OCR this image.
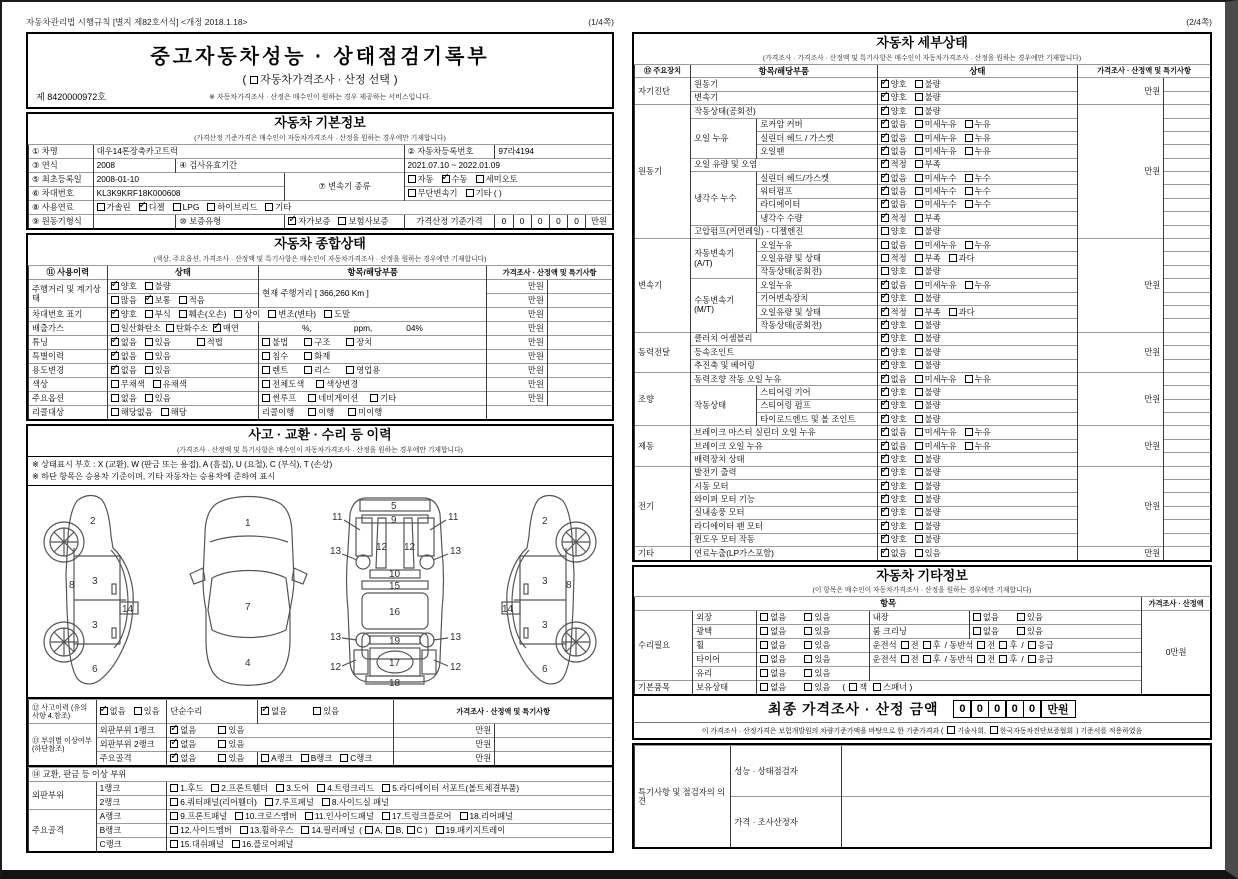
자동차관리법 시행규칙 [별지 제82호서식] <개정 2018.1.18>	(1/4쪽)
중고자동차성능 · 상태점검기록부
(자동차가격조사 · 산정 선택)
제 8420000972호	※ 자동차가격조사 · 산정은 매수인이 원하는 경우 제공하는 서비스입니다.
자동차 기본정보
(가격산정 기준가격은 매수인이 자동차가격조사 · 산정을 원하는 경우에만 기재합니다)
① 차명	대우14톤장축카고트럭			② 자동차등록번호	97라4194					
③ 연식	2008	④ 검사유효기간		2021.07.10 ~ 2022.01.09						
⑤ 최초등록일	2008-01-10		⑦ 변속기 종류	자동 ✓ 수동 세미오토
⑥ 차대번호	KL3K9KRF18K000608			무단변속기 기타 ( )						
⑧ 사용연료	가솔린 ✓ 디젤 LPG 하이브리드 기타
⑨ 원동기형식		⑩ 보증유형	✓자가보증 보험사보증	가격산정 기준가격	0	0	0	0	0	만원
자동차 종합상태
(색상, 주요옵션, 가격조사 · 산정액 및 특기사항은 매수인이 자동차가격조사 · 산정을 원하는 경우에만 기재합니다)
⑪ 사용이력	상태	항목/해당부품	가격조사 · 산정액 및 특기사항	
주행거리 및 계기상태	✓양호 불량	현재 주행거리 [ 366,260 Km ]	만원	
	많음 ✓ 보통 적음		만원	
차대번호 표기	✓양호 부식 훼손(오손) 상이 변조(변타) 도말		만원	
배출가스	일산화탄소 탄화수소 ✓ 매연	%, ppm, 04%	만원	
튜닝	✓없음 있음 적법	불법 구조 장치	만원	
특별이력	✓없음 있음	침수 화재	만원	
용도변경	✓없음 있음	렌트 리스 영업용	만원	
색상	무채색 유채색	전체도색 색상변경	만원	
주요옵션	없음 있음	썬루프 네비게이션 기타	만원	
리콜대상	해당없음 해당	리콜이행 이행 미이행		
사고 · 교환 · 수리 등 이력
(가격조사 · 산정액 및 특기사항은 매수인이 자동차가격조사 · 산정을 원하는 경우에만 기재합니다)
※ 상태표시 부호 : X (교환), W (판금 또는 용접), A (흠집), U (요철), C (부식), T (손상)
※ 하단 항목은 승용차 기준이며, 기타 자동차는 승용차에 준하여 표시
2
8 3
14
3
6
1
7
4
5
9
11	11
13	13
12 12
10
15
16
19
13	13
17
12	12
18
2
3 8
14
3
6
⑫ 사고이력 (유의사항 4.참조)	✓없음 있음	단순수리	✓없음 있음	가격조사 · 산정액 및 특기사항	
⑬ 부위별 이상여부 (하단참조)	외판부위 1랭크	✓없음 있음		만원	
	외판부위 2랭크	✓없음 있음		만원	
	주요골격	✓없음 있음	A랭크 B랭크 C랭크	만원	
⑭ 교환, 판금 등 이상 부위		
외판부위	1랭크	1.후드 2.프론트휀더 3.도어 4.트렁크리드 5.라디에이터 서포트(볼트체결부품)
	2랭크	6.쿼터패널(리어휀더) 7.루프패널 8.사이드실 패널
주요골격	A랭크	9.프론트패널 10.크로스멤버 11.인사이드패널 17.트렁크플로어 18.리어패널
	B랭크	12.사이드멤버 13.휠하우스 14.필러패널 ( A, B, C ) 19.패키지트레이
	C랭크	15.대쉬패널 16.플로어패널
(2/4쪽)
자동차 세부상태
(가격조사 · 가격조사 · 산정액 및 특기사항은 매수인이 자동차가격조사 · 산정을 원하는 경우에만 기재합니다)
⑮ 주요장치	항목/해당부품		상태	가격조사 · 산정액 및 특기사항	
자기진단	원동기	✓양호 불량	만원	
	변속기	✓양호 불량	
원동기	작동상태(공회전)	✓양호 불량	만원	
	오일 누유	로커암 커버	✓없음 미세누유 누유	
		실린더 헤드 / 가스켓	✓없음 미세누유 누유	
		오일팬	✓없음 미세누유 누유	
	오일 유량 및 오염	✓적정 부족	
	냉각수 누수	실린더 헤드/가스켓	✓없음 미세누수 누수	
		워터펌프	✓없음 미세누수 누수	
		라디에이터	✓없음 미세누수 누수	
		냉각수 수량	✓적정 부족	
	고압펌프(커먼레일) - 디젤엔진		양호 불량		
변속기	자동변속기 (A/T)	오일누유	없음 미세누유 누유	만원	
		오일유량 및 상태	적정 부족 과다		
		작동상태(공회전)	양호 불량		
	수동변속기 (M/T)	오일누유	✓없음 미세누유 누유	
		기어변속장치	✓양호 불량	
		오일유량 및 상태	✓적정 부족 과다	
		작동상태(공회전)	✓양호 불량	
동력전달	클러치 어셈블리	✓양호 불량	만원	
	등속조인트	✓양호 불량	
	추진축 및 베어링	✓양호 불량	
조향	동력조향 작동 오일 누유	✓없음 미세누유 누유	만원	
	작동상태	스티어링 기어	✓양호 불량	
		스티어링 펌프	✓양호 불량	
		타이로드엔드 및 볼 조인트	✓양호 불량	
제동	브레이크 마스터 실린더 오일 누유	✓없음 미세누유 누유	만원	
	브레이크 오일 누유	✓없음 미세누유 누유	
	배력장치 상태	✓양호 불량	
전기	발전기 출력	✓양호 불량	만원	
	시동 모터	✓양호 불량	
	와이퍼 모터 기능	✓양호 불량	
	실내송풍 모터	✓양호 불량	
	라디에이터 팬 모터	✓양호 불량	
	윈도우 모터 작동	✓양호 불량	
기타	연료누출(LP가스포함)	✓없음 있음	만원	
자동차 기타정보
(이 항목은 매수인이 자동차가격조사 · 산정을 원하는 경우에만 기재합니다)
항목					가격조사 · 산정액
수리필요	외장	없음 있음	내장	없음 있음	0만원
	광택	없음 있음	룸 크리닝	없음 있음	
	휠	없음 있음	운전석 전 후 / 동반석 전 후 / 응급		
	타이어	없음 있음	운전석 전 후 / 동반석 전 후 / 응급		
	유리	없음 있음			
기본품목	보유상태	없음 있음 ( 잭 스패너 )			
최종 가격조사 · 산정 금액	0	0	0	0	0	만원
이 가격조사 · 산정가격은 보험개발원의 차량기준가액을 바탕으로 한 기준가격과 ( 기술사회, 한국자동차진단보증협회 ) 기준서를 적용하였음
특기사항 및 점검자의 의견	성능 · 상태점검자	
	가격 · 조사산정자	
